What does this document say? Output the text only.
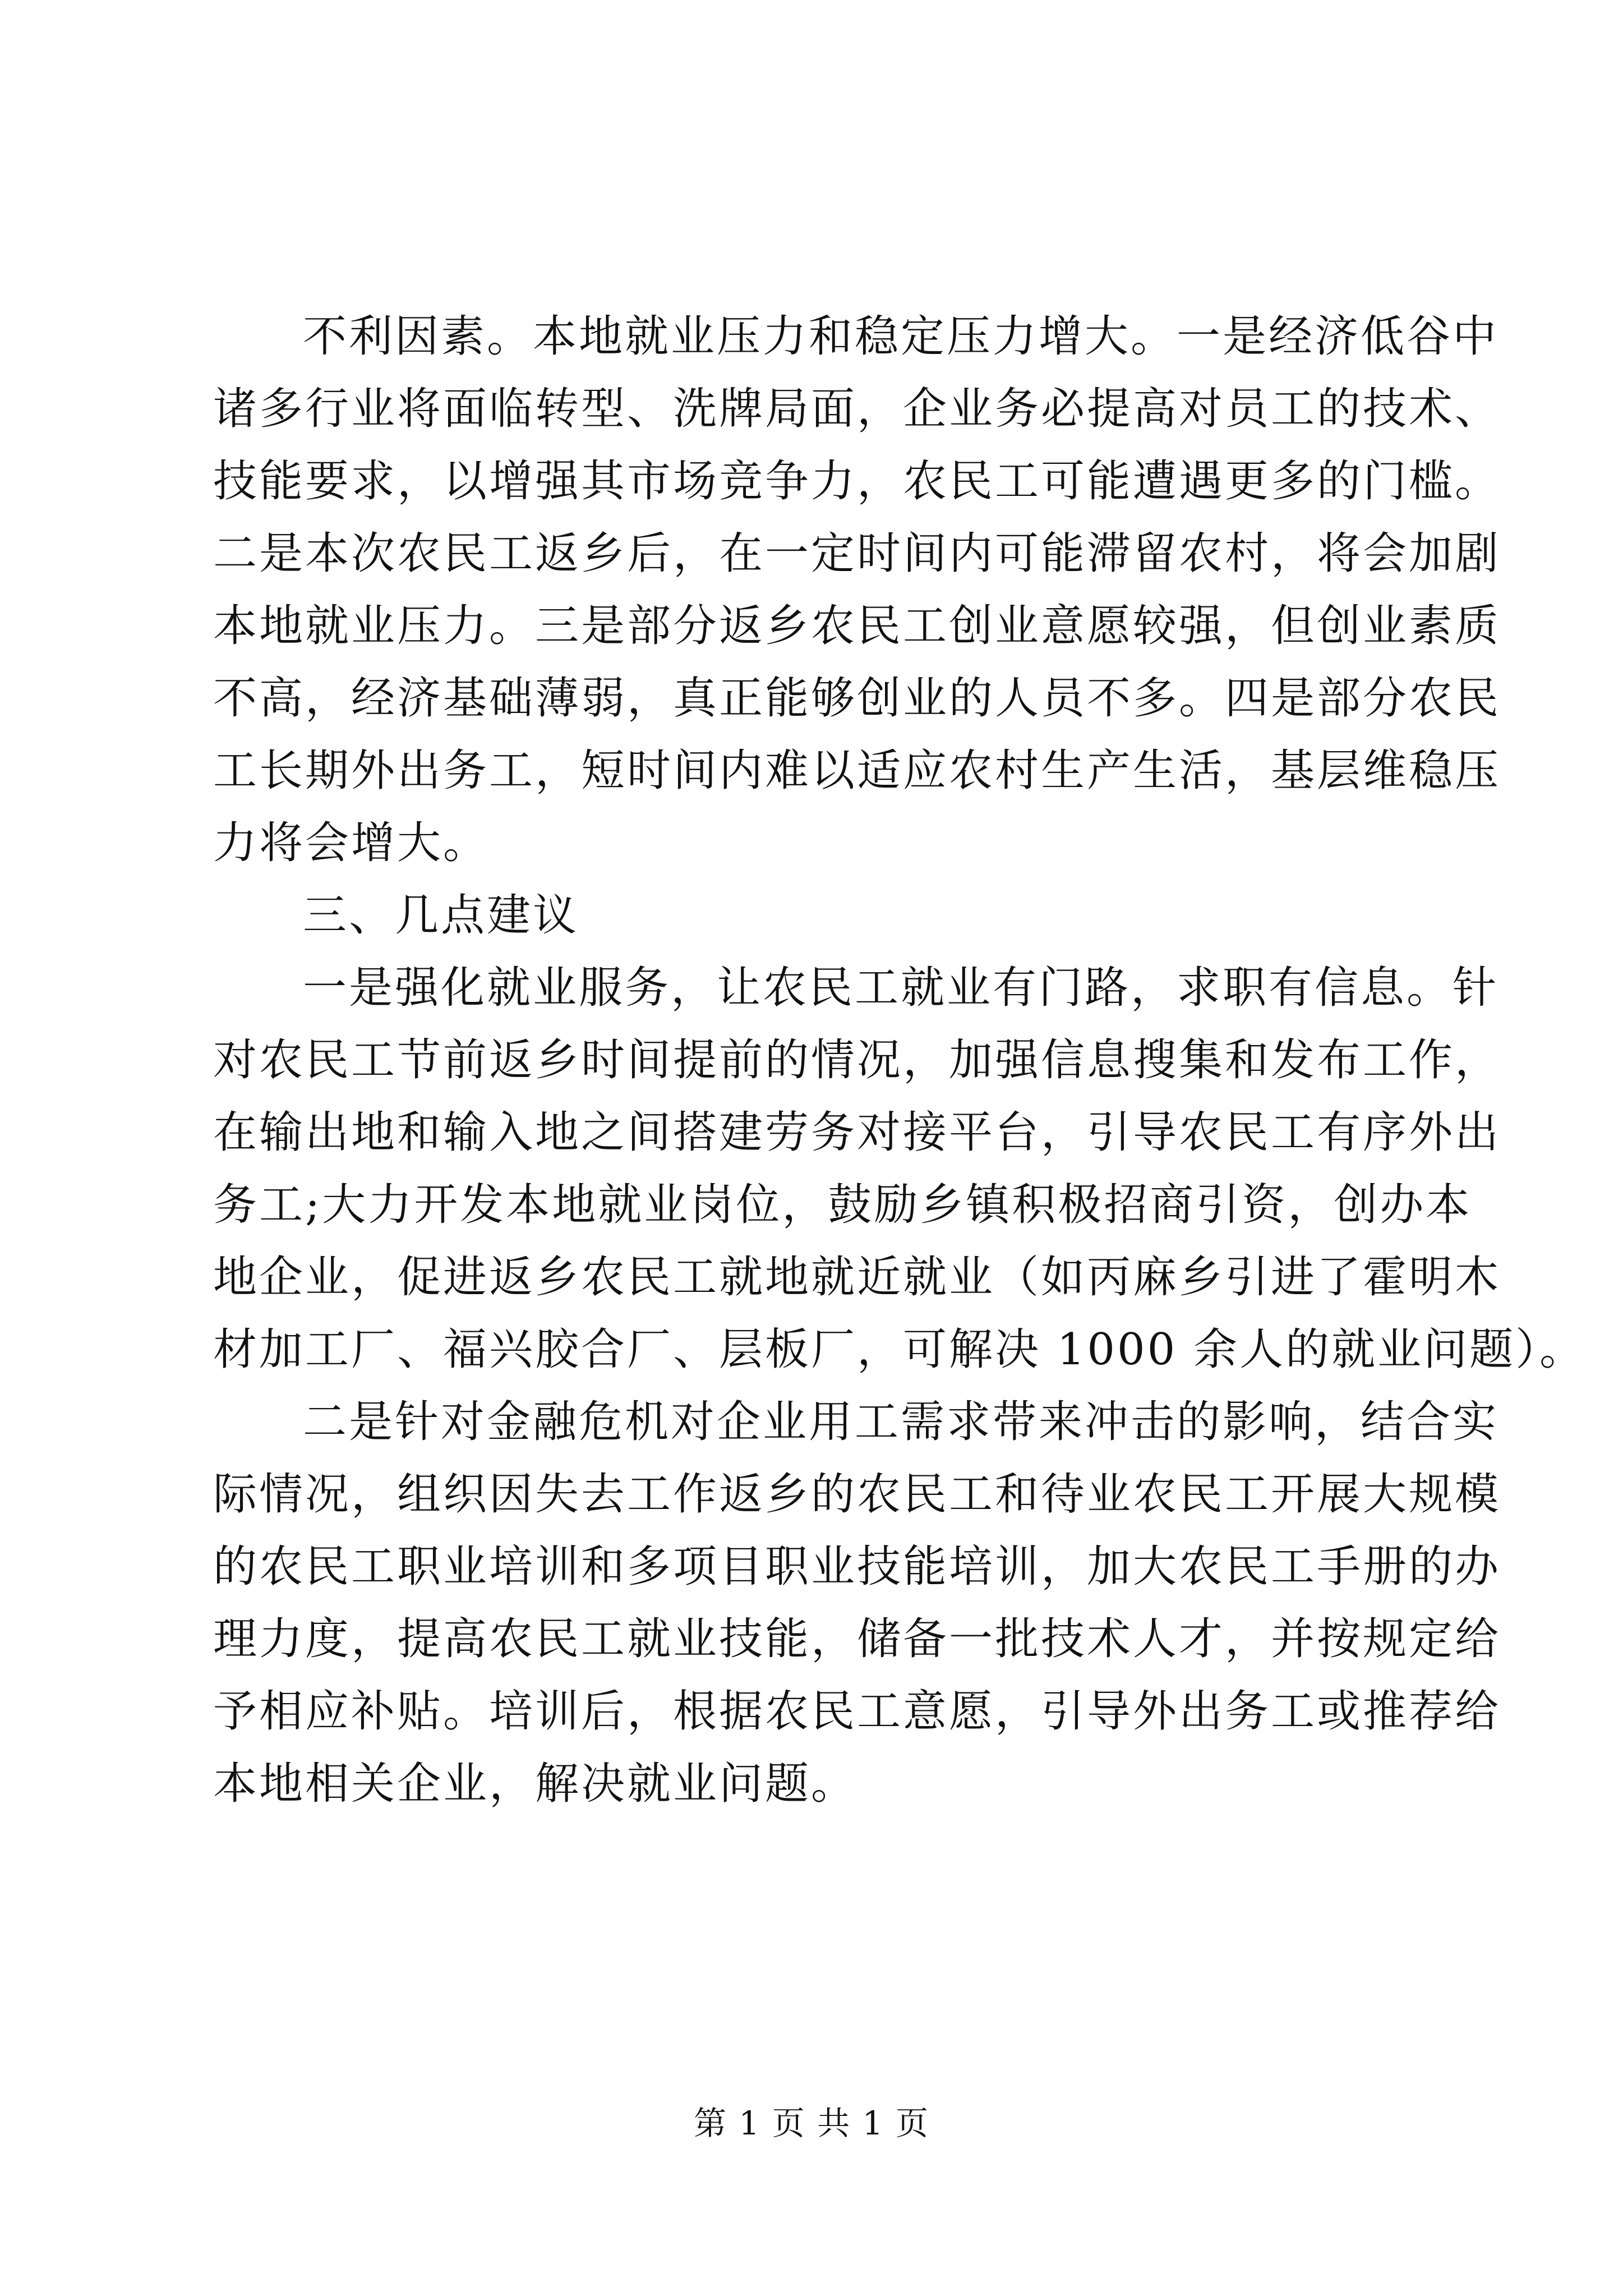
不利因素。本地就业压力和稳定压力增大。一是经济低谷中
诸多行业将面临转型、洗牌局面，企业务必提高对员工的技术、
技能要求，以增强其市场竞争力，农民工可能遭遇更多的门槛。
二是本次农民工返乡后，在一定时间内可能滞留农村，将会加剧
本地就业压力。三是部分返乡农民工创业意愿较强，但创业素质
不高，经济基础薄弱，真正能够创业的人员不多。四是部分农民
工长期外出务工，短时间内难以适应农村生产生活，基层维稳压
力将会增大。
三、几点建议
一是强化就业服务，让农民工就业有门路，求职有信息。针
对农民工节前返乡时间提前的情况，加强信息搜集和发布工作，
在输出地和输入地之间搭建劳务对接平台，引导农民工有序外出
务工;大力开发本地就业岗位，鼓励乡镇积极招商引资，创办本
地企业，促进返乡农民工就地就近就业（如丙麻乡引进了霍明木
材加工厂、福兴胶合厂、层板厂，可解决 1000 余人的就业问题）。
二是针对金融危机对企业用工需求带来冲击的影响，结合实
际情况，组织因失去工作返乡的农民工和待业农民工开展大规模
的农民工职业培训和多项目职业技能培训，加大农民工手册的办
理力度，提高农民工就业技能，储备一批技术人才，并按规定给
予相应补贴。培训后，根据农民工意愿，引导外出务工或推荐给
本地相关企业，解决就业问题。
第 1 页 共 1 页
